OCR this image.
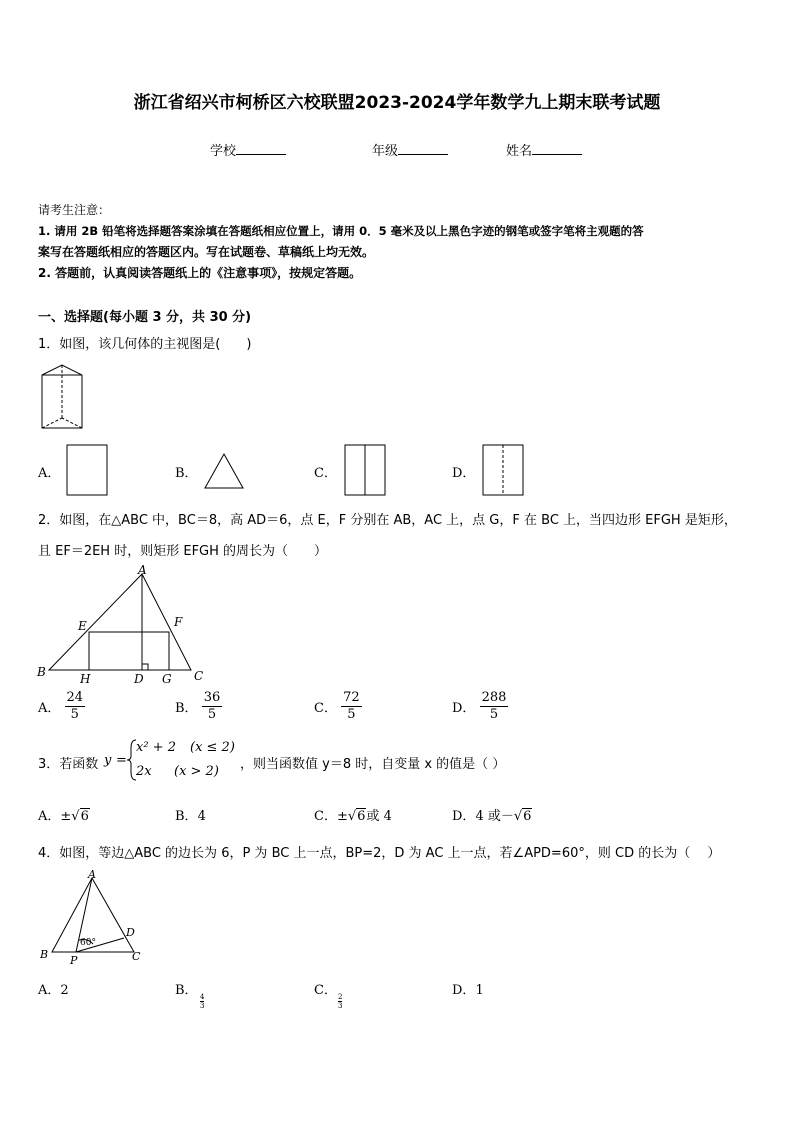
浙江省绍兴市柯桥区六校联盟2023-2024学年数学九上期末联考试题
学校	年级	姓名
请考生注意：
1. 请用 2B 铅笔将选择题答案涂填在答题纸相应位置上，请用 0．5 毫米及以上黑色字迹的钢笔或签字笔将主观题的答
案写在答题纸相应的答题区内。写在试题卷、草稿纸上均无效。
2. 答题前，认真阅读答题纸上的《注意事项》，按规定答题。
一、选择题(每小题 3 分，共 30 分)
1．如图，该几何体的主视图是(　　)
A．	B．	C．	D．
2．如图，在△ABC 中，BC＝8，高 AD＝6，点 E，F 分别在 AB，AC 上，点 G，F 在 BC 上，当四边形 EFGH 是矩形，
且 EF＝2EH 时，则矩形 EFGH 的周长为（　　）
A
B	C
D
E	F
G
H
A． $\frac{24}{5}$	B． $\frac{36}{5}$	C． $\frac{72}{5}$	D． $\frac{288}{5}$
3．若函数 y =
x² + 2 (x ≤ 2)
2x (x > 2) ，则当函数值 y＝8 时，自变量 x 的值是（ ）
A．±√6	B．4	C．±√6或 4	D．4 或－√6
4．如图，等边△ABC 的边长为 6，P 为 BC 上一点，BP=2，D 为 AC 上一点，若∠APD=60°，则 CD 的长为（　 ）
A
B	C
D
P
60°
A．2	B．
$\frac{4}{3}$
C．
$\frac{2}{3}$
D．1
